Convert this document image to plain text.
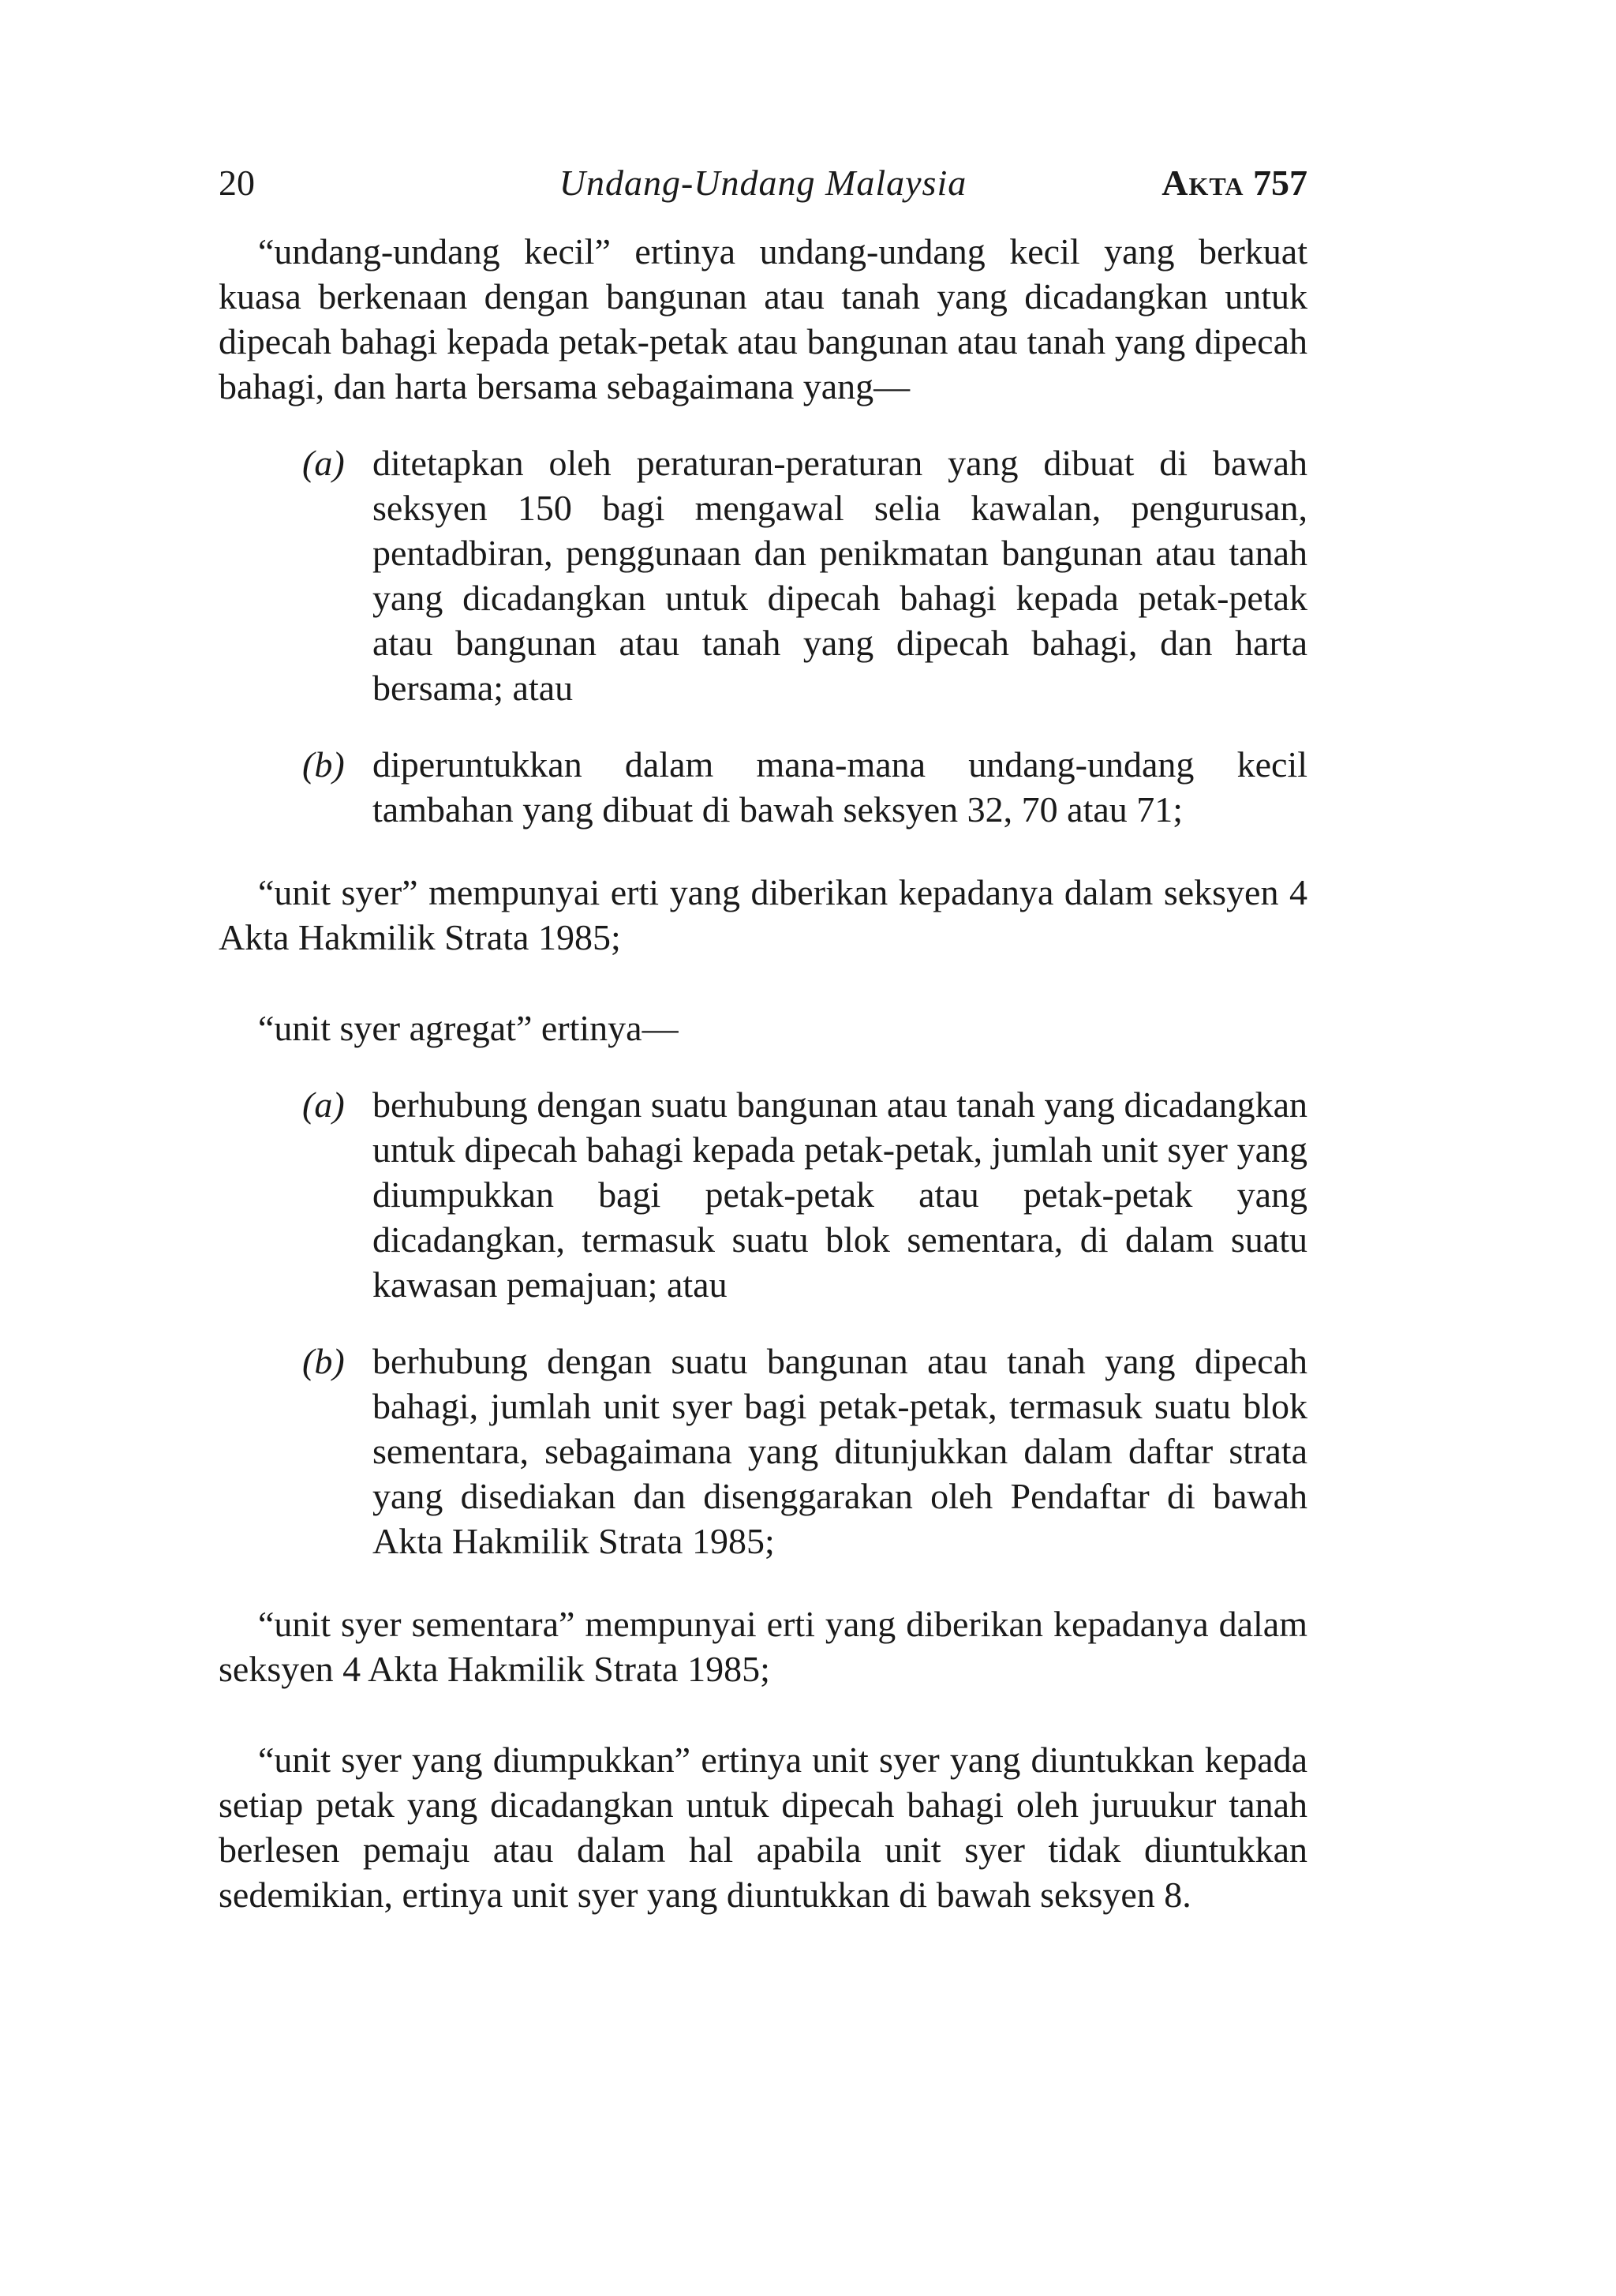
20	Undang-Undang Malaysia	Akta 757

“undang-undang kecil” ertinya undang-undang kecil yang berkuat kuasa berkenaan dengan bangunan atau tanah yang dicadangkan untuk dipecah bahagi kepada petak-petak atau bangunan atau tanah yang dipecah bahagi, dan harta bersama sebagaimana yang—

(a) ditetapkan oleh peraturan-peraturan yang dibuat di bawah seksyen 150 bagi mengawal selia kawalan, pengurusan, pentadbiran, penggunaan dan penikmatan bangunan atau tanah yang dicadangkan untuk dipecah bahagi kepada petak-petak atau bangunan atau tanah yang dipecah bahagi, dan harta bersama; atau
(b) diperuntukkan dalam mana-mana undang-undang kecil tambahan yang dibuat di bawah seksyen 32, 70 atau 71;

“unit syer” mempunyai erti yang diberikan kepadanya dalam seksyen 4 Akta Hakmilik Strata 1985;

“unit syer agregat” ertinya—

(a) berhubung dengan suatu bangunan atau tanah yang dicadangkan untuk dipecah bahagi kepada petak-petak, jumlah unit syer yang diumpukkan bagi petak-petak atau petak-petak yang dicadangkan, termasuk suatu blok sementara, di dalam suatu kawasan pemajuan; atau
(b) berhubung dengan suatu bangunan atau tanah yang dipecah bahagi, jumlah unit syer bagi petak-petak, termasuk suatu blok sementara, sebagaimana yang ditunjukkan dalam daftar strata yang disediakan dan disenggarakan oleh Pendaftar di bawah Akta Hakmilik Strata 1985;

“unit syer sementara” mempunyai erti yang diberikan kepadanya dalam seksyen 4 Akta Hakmilik Strata 1985;

“unit syer yang diumpukkan” ertinya unit syer yang diuntukkan kepada setiap petak yang dicadangkan untuk dipecah bahagi oleh juruukur tanah berlesen pemaju atau dalam hal apabila unit syer tidak diuntukkan sedemikian, ertinya unit syer yang diuntukkan di bawah seksyen 8.
